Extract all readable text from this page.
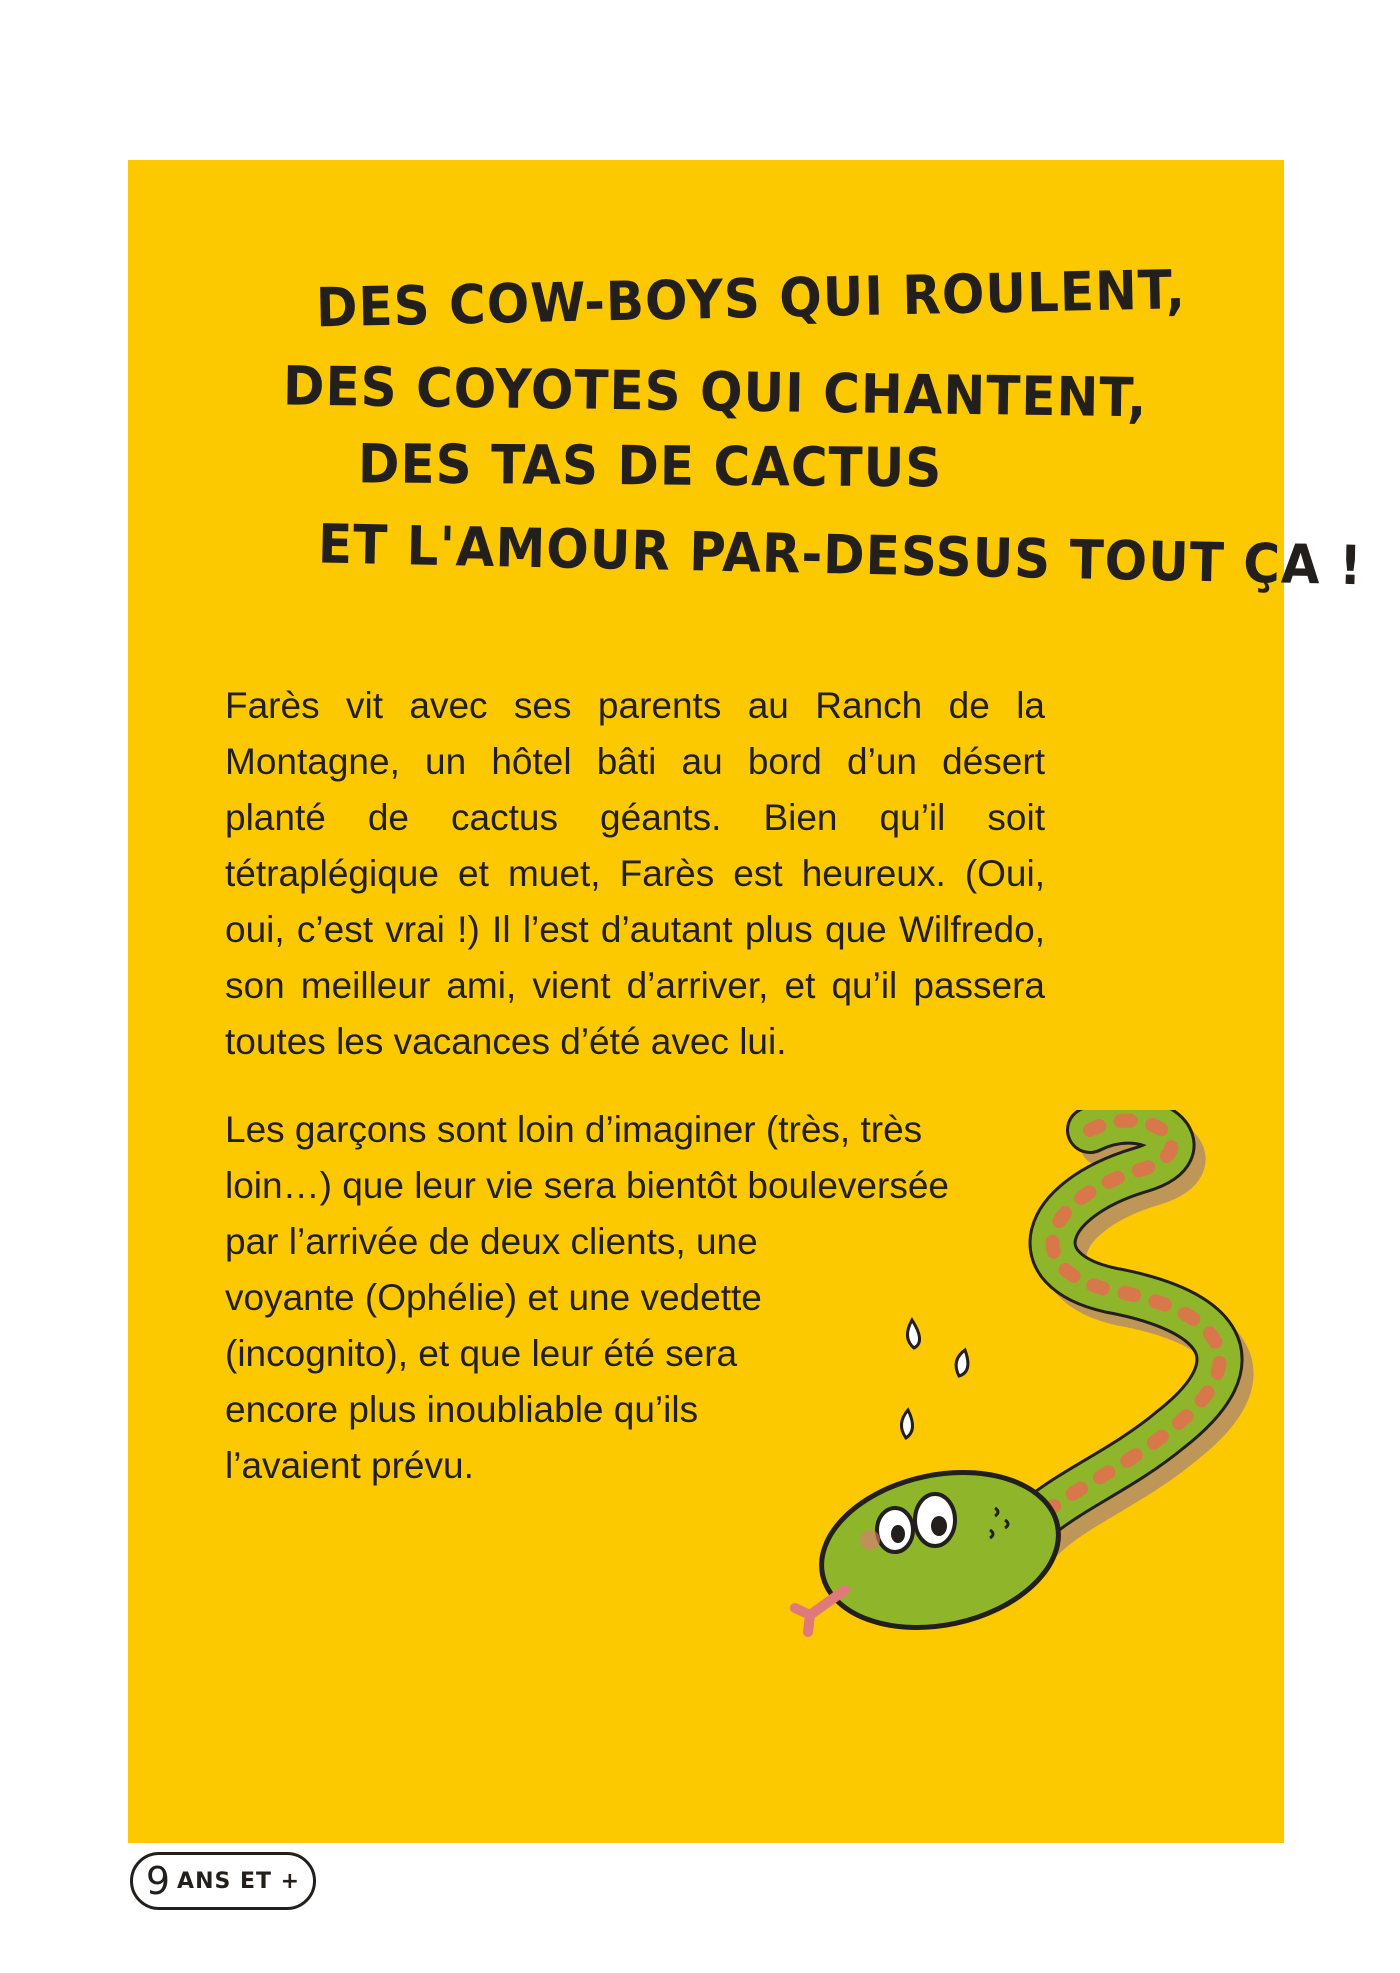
DES COW-BOYS QUI ROULENT,
DES COYOTES QUI CHANTENT,
DES TAS DE CACTUS
ET L'AMOUR PAR-DESSUS TOUT ÇA !

Farès vit avec ses parents au Ranch de la Montagne, un hôtel bâti au bord d’un désert planté de cactus géants. Bien qu’il soit tétraplégique et muet, Farès est heureux. (Oui, oui, c’est vrai !) Il l’est d’autant plus que Wilfredo, son meilleur ami, vient d’arriver, et qu’il passera toutes les vacances d’été avec lui.

Les garçons sont loin d’imaginer (très, très
loin…) que leur vie sera bientôt bouleversée
par l’arrivée de deux clients, une
voyante (Ophélie) et une vedette
(incognito), et que leur été sera
encore plus inoubliable qu’ils
l’avaient prévu.

9 ANS ET +
